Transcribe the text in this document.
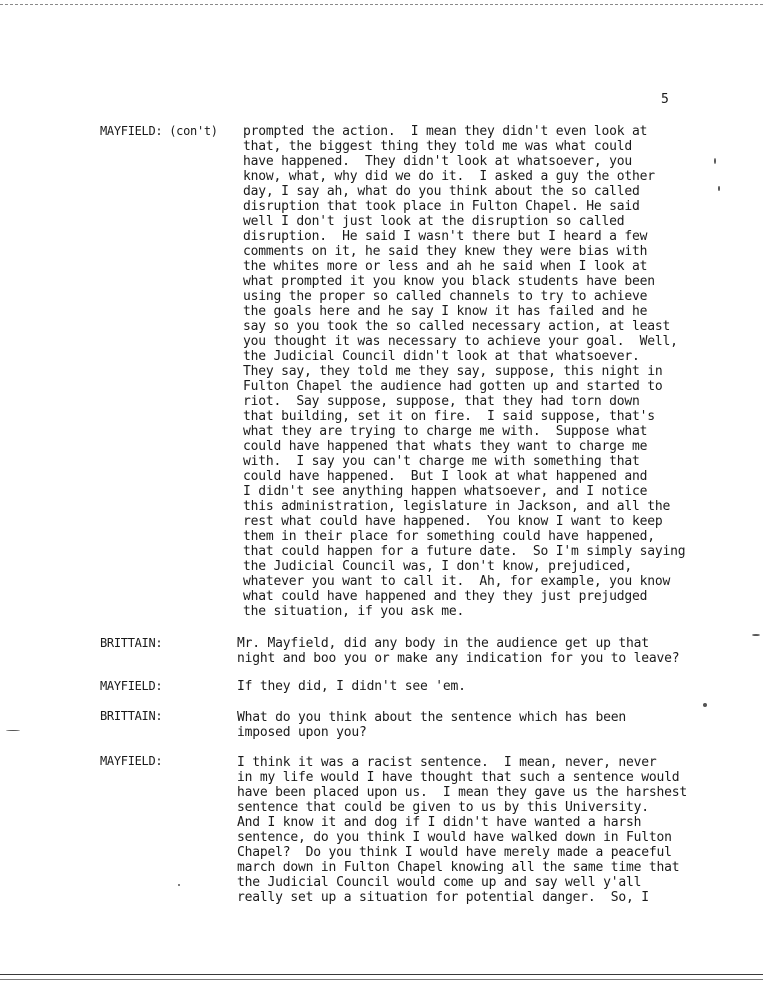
5
MAYFIELD: (con't) prompted the action.  I mean they didn't even look at
that, the biggest thing they told me was what could
have happened.  They didn't look at whatsoever, you
know, what, why did we do it.  I asked a guy the other
day, I say ah, what do you think about the so called
disruption that took place in Fulton Chapel. He said
well I don't just look at the disruption so called
disruption.  He said I wasn't there but I heard a few
comments on it, he said they knew they were bias with
the whites more or less and ah he said when I look at
what prompted it you know you black students have been
using the proper so called channels to try to achieve
the goals here and he say I know it has failed and he
say so you took the so called necessary action, at least
you thought it was necessary to achieve your goal.  Well,
the Judicial Council didn't look at that whatsoever.
They say, they told me they say, suppose, this night in
Fulton Chapel the audience had gotten up and started to
riot.  Say suppose, suppose, that they had torn down
that building, set it on fire.  I said suppose, that's
what they are trying to charge me with.  Suppose what
could have happened that whats they want to charge me
with.  I say you can't charge me with something that
could have happened.  But I look at what happened and
I didn't see anything happen whatsoever, and I notice
this administration, legislature in Jackson, and all the
rest what could have happened.  You know I want to keep
them in their place for something could have happened,
that could happen for a future date.  So I'm simply saying
the Judicial Council was, I don't know, prejudiced,
whatever you want to call it.  Ah, for example, you know
what could have happened and they they just prejudged
the situation, if you ask me.
BRITTAIN:	Mr. Mayfield, did any body in the audience get up that
night and boo you or make any indication for you to leave?
MAYFIELD:	If they did, I didn't see 'em.
BRITTAIN:	What do you think about the sentence which has been
imposed upon you?
MAYFIELD:	I think it was a racist sentence.  I mean, never, never
in my life would I have thought that such a sentence would
have been placed upon us.  I mean they gave us the harshest
sentence that could be given to us by this University.
And I know it and dog if I didn't have wanted a harsh
sentence, do you think I would have walked down in Fulton
Chapel?  Do you think I would have merely made a peaceful
march down in Fulton Chapel knowing all the same time that
the Judicial Council would come up and say well y'all
really set up a situation for potential danger.  So, I
